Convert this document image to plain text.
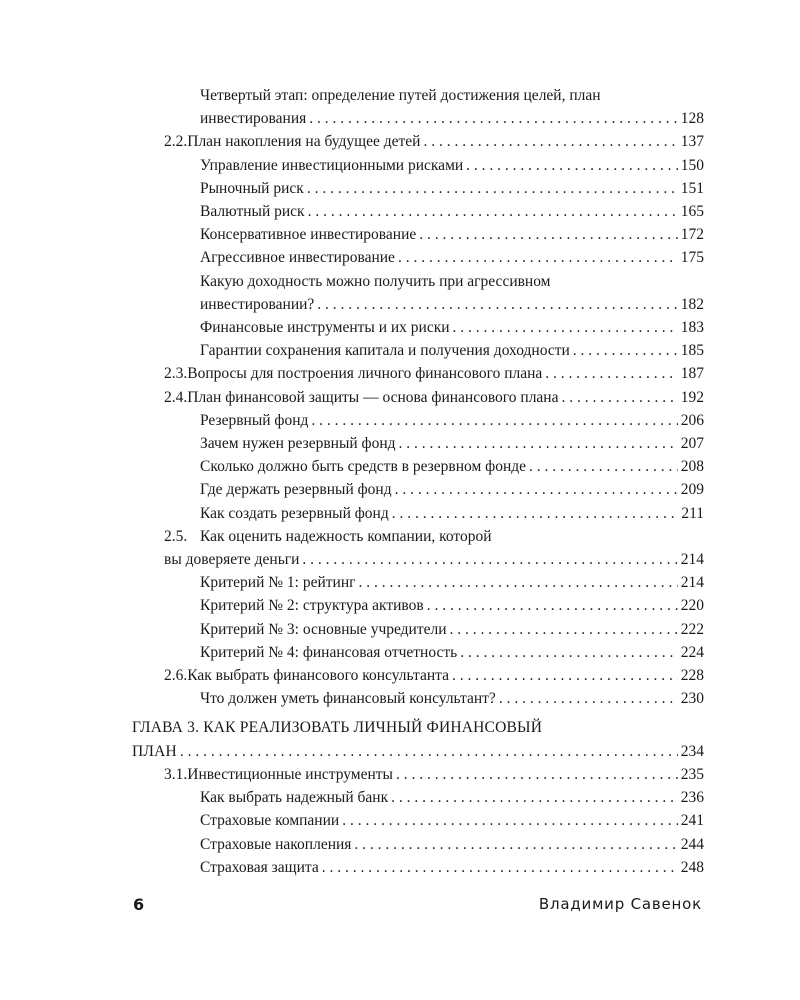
Четвертый этап: определение путей достижения целей, план
инвестирования . . .	128
2.2. План накопления на будущее детей . . .	137
Управление инвестиционными рисками . . .	150
Рыночный риск . . .	151
Валютный риск . . .	165
Консервативное инвестирование . . .	172
Агрессивное инвестирование . . .	175
Какую доходность можно получить при агрессивном
инвестировании? . . .	182
Финансовые инструменты и их риски . . .	183
Гарантии сохранения капитала и получения доходности . . .	185
2.3. Вопросы для построения личного финансового плана . . .	187
2.4. План финансовой защиты — основа финансового плана . . .	192
Резервный фонд . . .	206
Зачем нужен резервный фонд . . .	207
Сколько должно быть средств в резервном фонде . . .	208
Где держать резервный фонд . . .	209
Как создать резервный фонд . . .	211
2.5. Как оценить надежность компании, которой
вы доверяете деньги . . .	214
Критерий № 1: рейтинг . . .	214
Критерий № 2: структура активов . . .	220
Критерий № 3: основные учредители . . .	222
Критерий № 4: финансовая отчетность . . .	224
2.6. Как выбрать финансового консультанта . . .	228
Что должен уметь финансовый консультант? . . .	230
ГЛАВА 3. КАК РЕАЛИЗОВАТЬ ЛИЧНЫЙ ФИНАНСОВЫЙ
ПЛАН . . .	234
3.1. Инвестиционные инструменты . . .	235
Как выбрать надежный банк . . .	236
Страховые компании . . .	241
Страховые накопления . . .	244
Страховая защита . . .	248
6	Владимир Савенок
